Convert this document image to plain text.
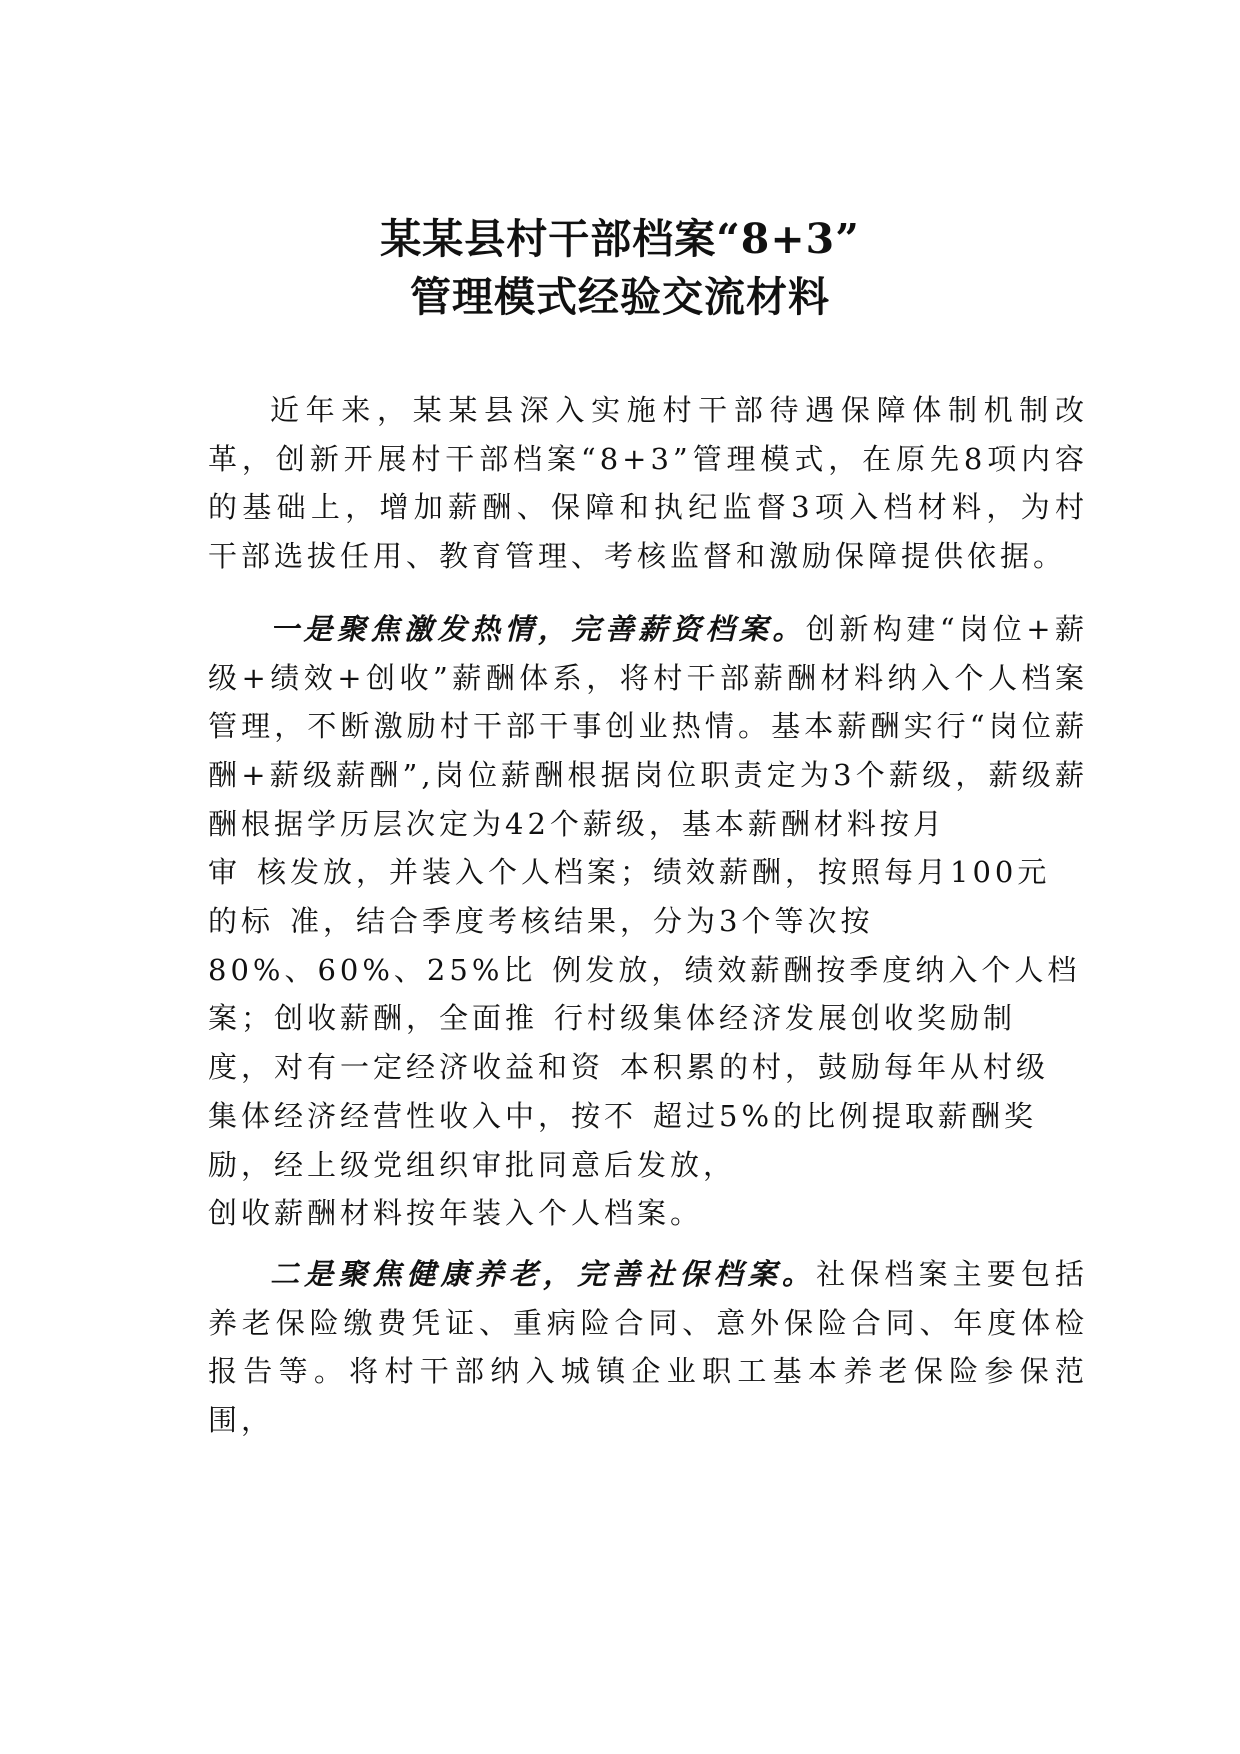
某某县村干部档案“8+3”
管理模式经验交流材料

近年来，某某县深入实施村干部待遇保障体制机制改革，创新开展村干部档案“8+3”管理模式，在原先8项内容的基础上，增加薪酬、保障和执纪监督3项入档材料，为村干部选拔任用、教育管理、考核监督和激励保障提供依据。

一是聚焦激发热情，完善薪资档案。创新构建“岗位+薪级+绩效+创收”薪酬体系，将村干部薪酬材料纳入个人档案管理，不断激励村干部干事创业热情。基本薪酬实行“岗位薪酬+薪级薪酬”,岗位薪酬根据岗位职责定为3个薪级，薪级薪酬根据学历层次定为42个薪级，基本薪酬材料按月
审 核发放，并装入个人档案；绩效薪酬，按照每月100元
的标 准，结合季度考核结果，分为3个等次按
80%、60%、25%比 例发放，绩效薪酬按季度纳入个人档
案；创收薪酬，全面推 行村级集体经济发展创收奖励制
度，对有一定经济收益和资 本积累的村，鼓励每年从村级
集体经济经营性收入中，按不 超过5%的比例提取薪酬奖
励，经上级党组织审批同意后发放，
创收薪酬材料按年装入个人档案。

二是聚焦健康养老，完善社保档案。社保档案主要包括养老保险缴费凭证、重病险合同、意外保险合同、年度体检报告等。将村干部纳入城镇企业职工基本养老保险参保范围，
